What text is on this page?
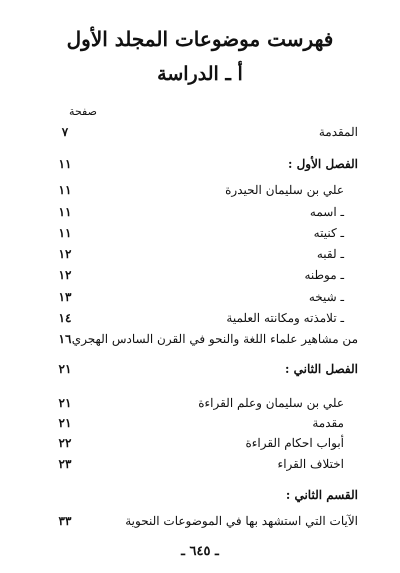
فهرست موضوعات المجلد الأول
أ ـ الدراسة
صفحة
المقدمة
٧
الفصل الأول :
١١
علي بن سليمان الحيدرة
١١
ـ اسمه
١١
ـ كنيته
١١
ـ لقبه
١٢
ـ موطنه
١٢
ـ شيخه
١٣
ـ تلامذته ومكانته العلمية
١٤
من مشاهير علماء اللغة والنحو في القرن السادس الهجري
١٦
الفصل الثاني :
٢١
علي بن سليمان وعلم القراءة
٢١
مقدمة
٢١
أبواب احكام القراءة
٢٢
اختلاف القراء
٢٣
القسم الثاني :
الآيات التي استشهد بها في الموضوعات النحوية
٣٣
ـ ٦٤٥ ـ
